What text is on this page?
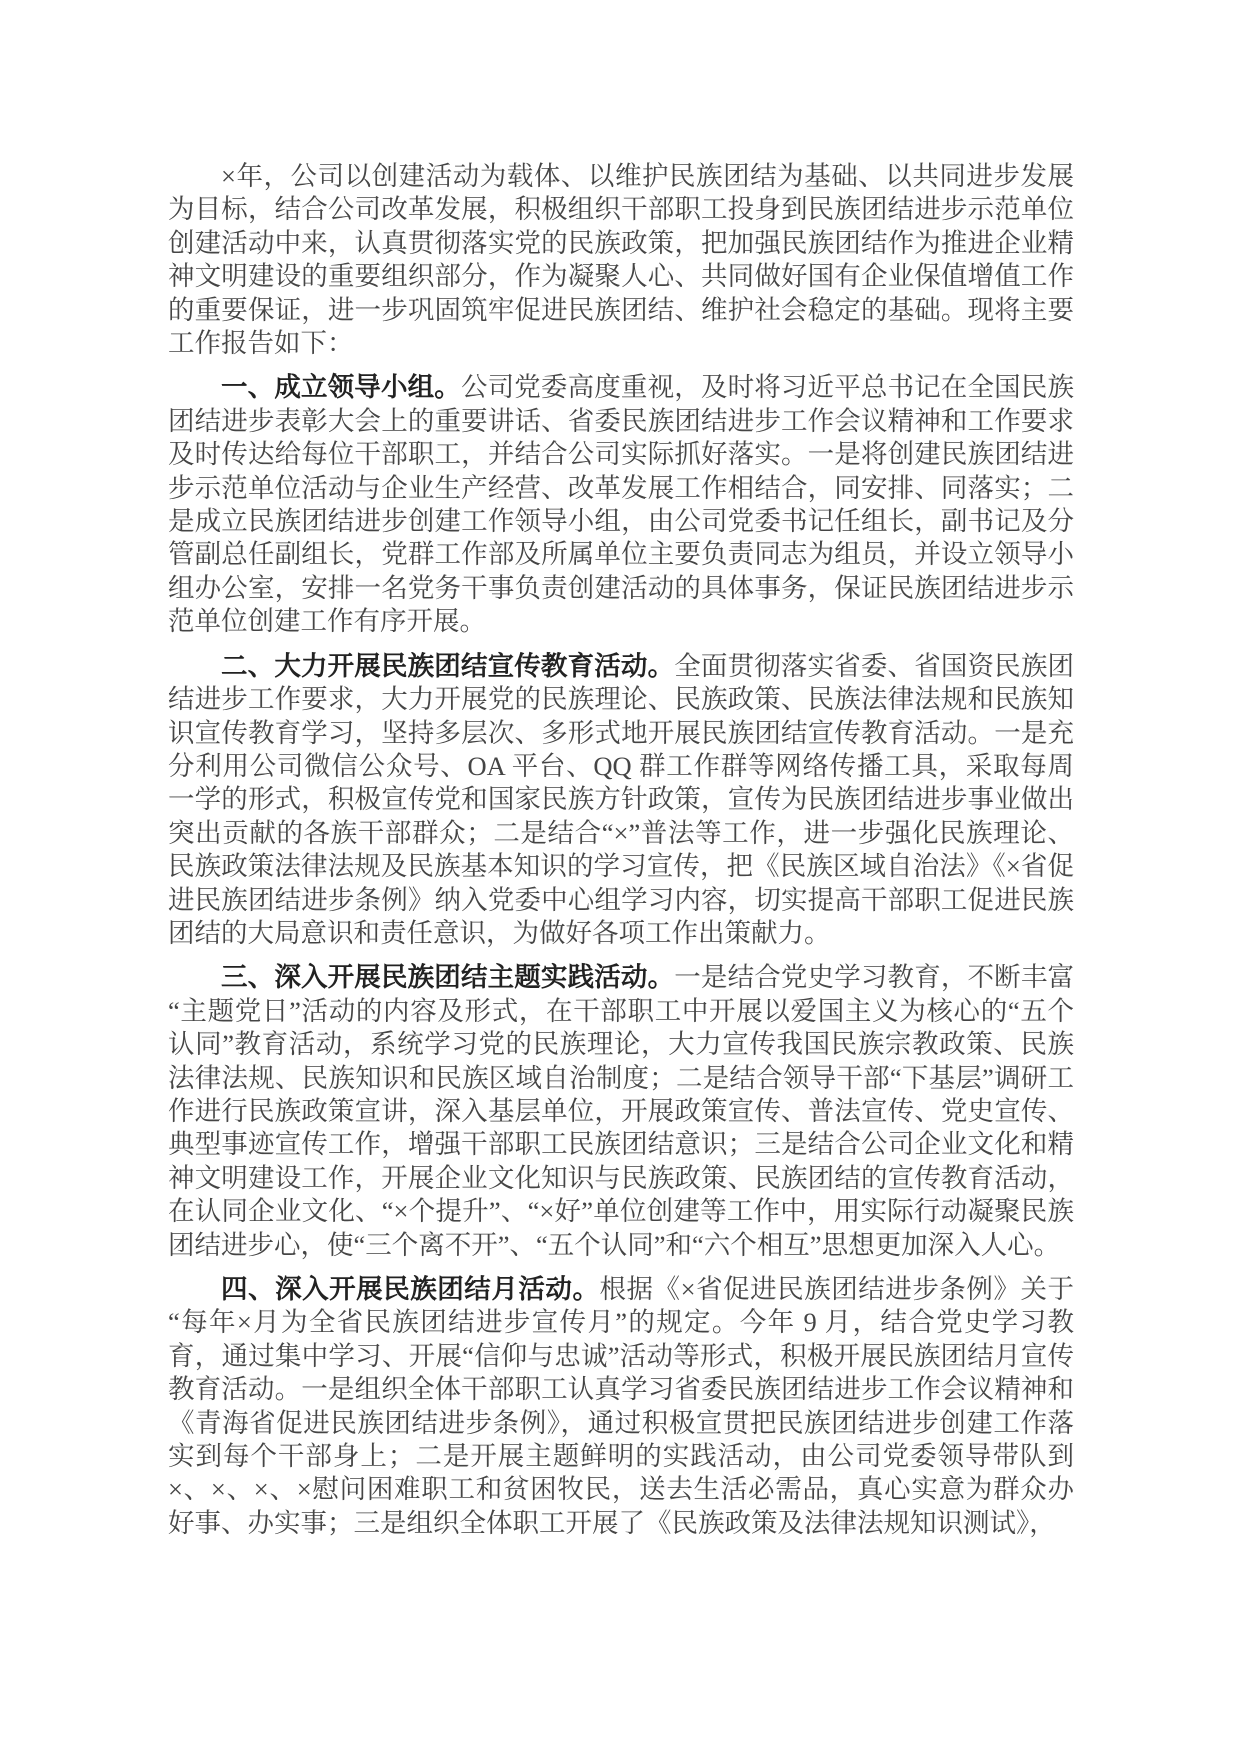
×年，公司以创建活动为载体、以维护民族团结为基础、以共同进步发展为目标，结合公司改革发展，积极组织干部职工投身到民族团结进步示范单位创建活动中来，认真贯彻落实党的民族政策，把加强民族团结作为推进企业精神文明建设的重要组织部分，作为凝聚人心、共同做好国有企业保值增值工作的重要保证，进一步巩固筑牢促进民族团结、维护社会稳定的基础。现将主要工作报告如下：

一、成立领导小组。公司党委高度重视，及时将习近平总书记在全国民族团结进步表彰大会上的重要讲话、省委民族团结进步工作会议精神和工作要求及时传达给每位干部职工，并结合公司实际抓好落实。一是将创建民族团结进步示范单位活动与企业生产经营、改革发展工作相结合，同安排、同落实；二是成立民族团结进步创建工作领导小组，由公司党委书记任组长，副书记及分管副总任副组长，党群工作部及所属单位主要负责同志为组员，并设立领导小组办公室，安排一名党务干事负责创建活动的具体事务，保证民族团结进步示范单位创建工作有序开展。

二、大力开展民族团结宣传教育活动。全面贯彻落实省委、省国资民族团结进步工作要求，大力开展党的民族理论、民族政策、民族法律法规和民族知识宣传教育学习，坚持多层次、多形式地开展民族团结宣传教育活动。一是充分利用公司微信公众号、OA 平台、QQ 群工作群等网络传播工具，采取每周一学的形式，积极宣传党和国家民族方针政策，宣传为民族团结进步事业做出突出贡献的各族干部群众；二是结合“×”普法等工作，进一步强化民族理论、民族政策法律法规及民族基本知识的学习宣传，把《民族区域自治法》《×省促进民族团结进步条例》纳入党委中心组学习内容，切实提高干部职工促进民族团结的大局意识和责任意识，为做好各项工作出策献力。

三、深入开展民族团结主题实践活动。一是结合党史学习教育，不断丰富“主题党日”活动的内容及形式，在干部职工中开展以爱国主义为核心的“五个认同”教育活动，系统学习党的民族理论，大力宣传我国民族宗教政策、民族法律法规、民族知识和民族区域自治制度；二是结合领导干部“下基层”调研工作进行民族政策宣讲，深入基层单位，开展政策宣传、普法宣传、党史宣传、典型事迹宣传工作，增强干部职工民族团结意识；三是结合公司企业文化和精神文明建设工作，开展企业文化知识与民族政策、民族团结的宣传教育活动，在认同企业文化、“×个提升”、“×好”单位创建等工作中，用实际行动凝聚民族团结进步心，使“三个离不开”、“五个认同”和“六个相互”思想更加深入人心。

四、深入开展民族团结月活动。根据《×省促进民族团结进步条例》关于“每年×月为全省民族团结进步宣传月”的规定。今年 9 月，结合党史学习教育，通过集中学习、开展“信仰与忠诚”活动等形式，积极开展民族团结月宣传教育活动。一是组织全体干部职工认真学习省委民族团结进步工作会议精神和《青海省促进民族团结进步条例》，通过积极宣贯把民族团结进步创建工作落实到每个干部身上；二是开展主题鲜明的实践活动，由公司党委领导带队到×、×、×、×慰问困难职工和贫困牧民，送去生活必需品，真心实意为群众办好事、办实事；三是组织全体职工开展了《民族政策及法律法规知识测试》，
